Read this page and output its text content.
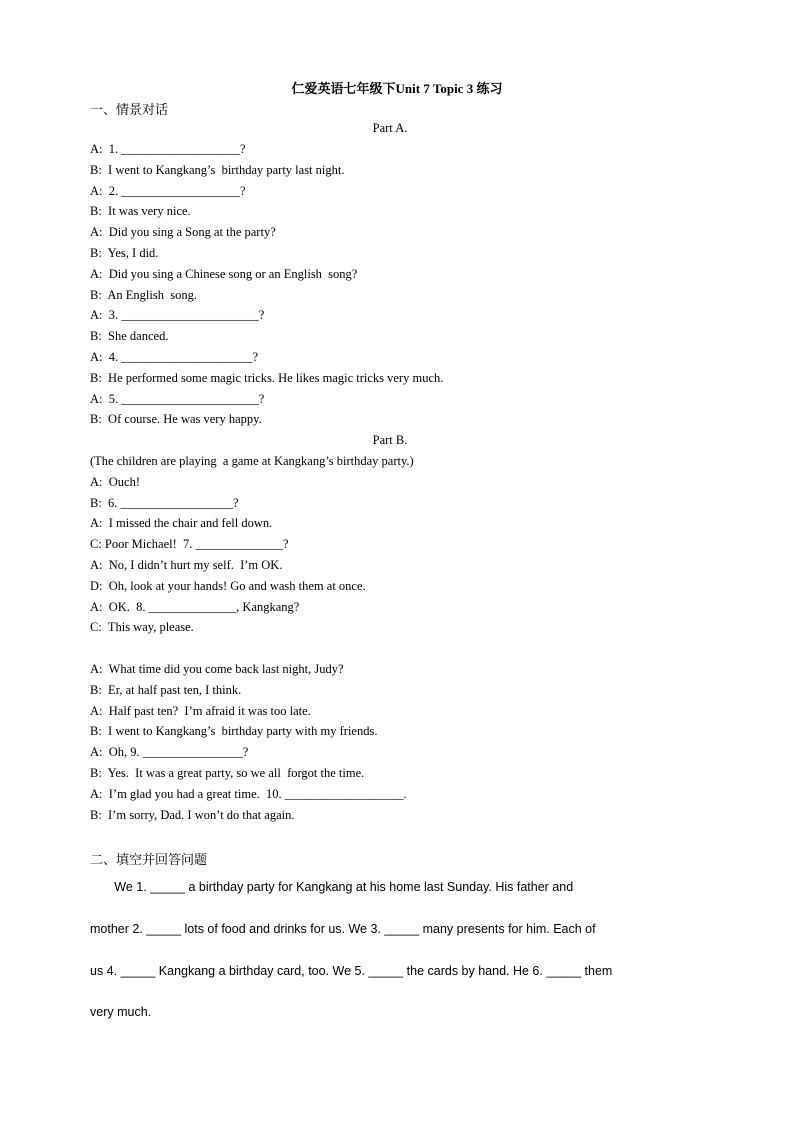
仁爱英语七年级下Unit 7 Topic 3 练习
一、情景对话
Part A.
A:  1. ___________________?
B:  I went to Kangkang’s  birthday party last night.
A:  2. ___________________?
B:  It was very nice.
A:  Did you sing a Song at the party?
B:  Yes, I did.
A:  Did you sing a Chinese song or an English  song?
B:  An English  song.
A:  3. ______________________?
B:  She danced.
A:  4. _____________________?
B:  He performed some magic tricks. He likes magic tricks very much.
A:  5. ______________________?
B:  Of course. He was very happy.
Part B.
(The children are playing  a game at Kangkang’s birthday party.)
A:  Ouch!
B:  6. __________________?
A:  I missed the chair and fell down.
C: Poor Michael!  7. ______________?
A:  No, I didn’t hurt my self.  I’m OK.
D:  Oh, look at your hands! Go and wash them at once.
A:  OK.  8. ______________, Kangkang?
C:  This way, please.
A:  What time did you come back last night, Judy?
B:  Er, at half past ten, I think.
A:  Half past ten?  I’m afraid it was too late.
B:  I went to Kangkang’s  birthday party with my friends.
A:  Oh, 9. ________________?
B:  Yes.  It was a great party, so we all  forgot the time.
A:  I’m glad you had a great time.  10. ___________________.
B:  I’m sorry, Dad. I won’t do that again.
二、填空并回答问题
We 1. _____ a birthday party for Kangkang at his home last Sunday. His father and
mother 2. _____ lots of food and drinks for us. We 3. _____ many presents for him. Each of
us 4. _____ Kangkang a birthday card, too. We 5. _____ the cards by hand. He 6. _____ them
very much.
